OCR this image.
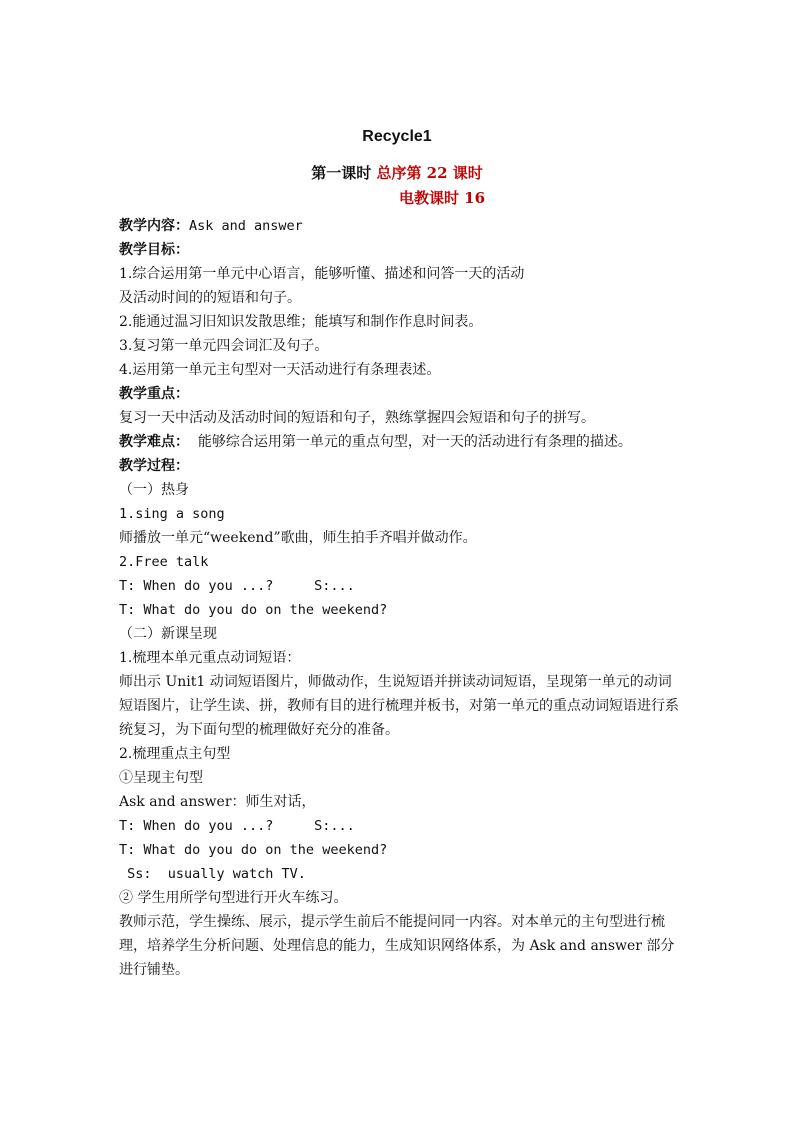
Recycle1
第一课时 总序第 22 课时
电教课时 16
教学内容：Ask and answer
教学目标：
1.综合运用第一单元中心语言，能够听懂、描述和问答一天的活动
及活动时间的的短语和句子。
2.能通过温习旧知识发散思维；能填写和制作作息时间表。
3.复习第一单元四会词汇及句子。
4.运用第一单元主句型对一天活动进行有条理表述。
教学重点：
复习一天中活动及活动时间的短语和句子，熟练掌握四会短语和句子的拼写。
教学难点： 能够综合运用第一单元的重点句型，对一天的活动进行有条理的描述。
教学过程：
（一）热身
1.sing a song
师播放一单元“weekend”歌曲，师生拍手齐唱并做动作。
2.Free talk
T: When do you ...?     S:...
T: What do you do on the weekend?
（二）新课呈现
1.梳理本单元重点动词短语：
师出示 Unit1 动词短语图片，师做动作，生说短语并拼读动词短语，呈现第一单元的动词短语图片，让学生读、拼，教师有目的进行梳理并板书，对第一单元的重点动词短语进行系统复习，为下面句型的梳理做好充分的准备。
2.梳理重点主句型
①呈现主句型
Ask and answer：师生对话，
T: When do you ...?     S:...
T: What do you do on the weekend?
Ss:  usually watch TV.
② 学生用所学句型进行开火车练习。
教师示范，学生操练、展示，提示学生前后不能提问同一内容。对本单元的主句型进行梳理，培养学生分析问题、处理信息的能力，生成知识网络体系，为 Ask and answer 部分进行铺垫。
